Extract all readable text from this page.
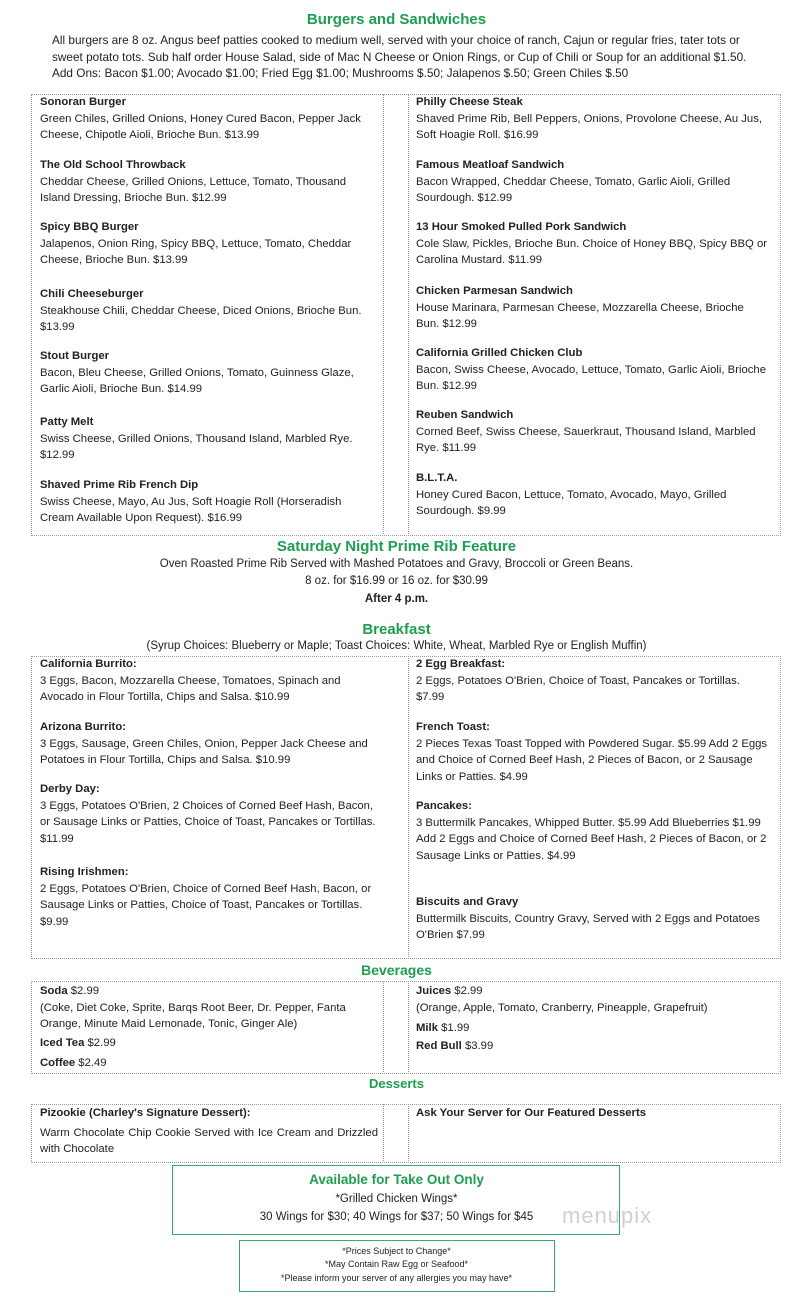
Burgers and Sandwiches
All burgers are 8 oz. Angus beef patties cooked to medium well, served with your choice of ranch, Cajun or regular fries, tater tots or sweet potato tots. Sub half order House Salad, side of Mac N Cheese or Onion Rings, or Cup of Chili or Soup for an additional $1.50. Add Ons: Bacon $1.00; Avocado $1.00; Fried Egg $1.00; Mushrooms $.50; Jalapenos $.50; Green Chiles $.50
Sonoran Burger
Green Chiles, Grilled Onions, Honey Cured Bacon, Pepper Jack Cheese, Chipotle Aioli, Brioche Bun. $13.99
The Old School Throwback
Cheddar Cheese, Grilled Onions, Lettuce, Tomato, Thousand Island Dressing, Brioche Bun. $12.99
Spicy BBQ Burger
Jalapenos, Onion Ring, Spicy BBQ, Lettuce, Tomato, Cheddar Cheese, Brioche Bun. $13.99
Chili Cheeseburger
Steakhouse Chili, Cheddar Cheese, Diced Onions, Brioche Bun. $13.99
Stout Burger
Bacon, Bleu Cheese, Grilled Onions, Tomato, Guinness Glaze, Garlic Aioli, Brioche Bun. $14.99
Patty Melt
Swiss Cheese, Grilled Onions, Thousand Island, Marbled Rye. $12.99
Shaved Prime Rib French Dip
Swiss Cheese, Mayo, Au Jus, Soft Hoagie Roll (Horseradish Cream Available Upon Request). $16.99
Philly Cheese Steak
Shaved Prime Rib, Bell Peppers, Onions, Provolone Cheese, Au Jus, Soft Hoagie Roll. $16.99
Famous Meatloaf Sandwich
Bacon Wrapped, Cheddar Cheese, Tomato, Garlic Aioli, Grilled Sourdough. $12.99
13 Hour Smoked Pulled Pork Sandwich
Cole Slaw, Pickles, Brioche Bun. Choice of Honey BBQ, Spicy BBQ or Carolina Mustard. $11.99
Chicken Parmesan Sandwich
House Marinara, Parmesan Cheese, Mozzarella Cheese, Brioche Bun. $12.99
California Grilled Chicken Club
Bacon, Swiss Cheese, Avocado, Lettuce, Tomato, Garlic Aioli, Brioche Bun. $12.99
Reuben Sandwich
Corned Beef, Swiss Cheese, Sauerkraut, Thousand Island, Marbled Rye. $11.99
B.L.T.A.
Honey Cured Bacon, Lettuce, Tomato, Avocado, Mayo, Grilled Sourdough. $9.99
Saturday Night Prime Rib Feature
Oven Roasted Prime Rib Served with Mashed Potatoes and Gravy, Broccoli or Green Beans.
8 oz. for $16.99 or 16 oz. for $30.99
After 4 p.m.
Breakfast
(Syrup Choices: Blueberry or Maple; Toast Choices: White, Wheat, Marbled Rye or English Muffin)
California Burrito:
3 Eggs, Bacon, Mozzarella Cheese, Tomatoes, Spinach and Avocado in Flour Tortilla, Chips and Salsa. $10.99
Arizona Burrito:
3 Eggs, Sausage, Green Chiles, Onion, Pepper Jack Cheese and Potatoes in Flour Tortilla, Chips and Salsa. $10.99
Derby Day:
3 Eggs, Potatoes O'Brien, 2 Choices of Corned Beef Hash, Bacon, or Sausage Links or Patties, Choice of Toast, Pancakes or Tortillas. $11.99
Rising Irishmen:
2 Eggs, Potatoes O'Brien, Choice of Corned Beef Hash, Bacon, or Sausage Links or Patties, Choice of Toast, Pancakes or Tortillas. $9.99
2 Egg Breakfast:
2 Eggs, Potatoes O'Brien, Choice of Toast, Pancakes or Tortillas. $7.99
French Toast:
2 Pieces Texas Toast Topped with Powdered Sugar. $5.99 Add 2 Eggs and Choice of Corned Beef Hash, 2 Pieces of Bacon, or 2 Sausage Links or Patties. $4.99
Pancakes:
3 Buttermilk Pancakes, Whipped Butter. $5.99 Add Blueberries $1.99 Add 2 Eggs and Choice of Corned Beef Hash, 2 Pieces of Bacon, or 2 Sausage Links or Patties. $4.99
Biscuits and Gravy
Buttermilk Biscuits, Country Gravy, Served with 2 Eggs and Potatoes O'Brien $7.99
Beverages
Soda $2.99
(Coke, Diet Coke, Sprite, Barqs Root Beer, Dr. Pepper, Fanta Orange, Minute Maid Lemonade, Tonic, Ginger Ale)
Iced Tea $2.99
Coffee $2.49
Juices $2.99
(Orange, Apple, Tomato, Cranberry, Pineapple, Grapefruit)
Milk $1.99
Red Bull $3.99
Desserts
Pizookie (Charley's Signature Dessert):
Warm Chocolate Chip Cookie Served with Ice Cream and Drizzled with Chocolate
Ask Your Server for Our Featured Desserts
Available for Take Out Only
*Grilled Chicken Wings*
30 Wings for $30; 40 Wings for $37; 50 Wings for $45	menupix
*Prices Subject to Change*
*May Contain Raw Egg or Seafood*
*Please inform your server of any allergies you may have*
